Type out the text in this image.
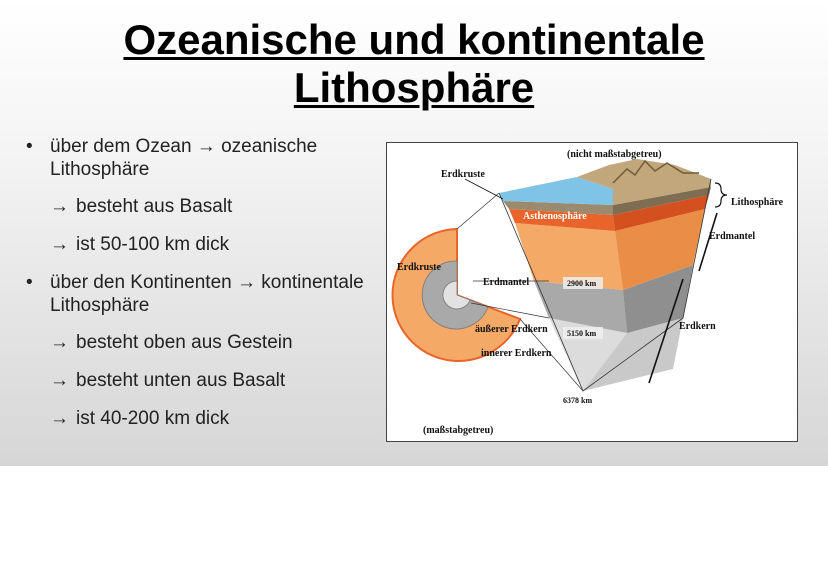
Ozeanische und kontinentale
Lithosphäre
• über dem Ozean → ozeanische
Lithosphäre
→ besteht aus Basalt
→ ist 50-100 km dick
• über den Kontinenten → kontinentale
Lithosphäre
→ besteht oben aus Gestein
→ besteht unten aus Basalt
→ ist 40-200 km dick
(nicht maßstabgetreu)
Erdkruste
Asthenosphäre
Lithosphäre
Erdmantel
Erdkruste
Erdmantel	2900 km
Erdkern
äußerer Erdkern 5150 km
innerer Erdkern
6378 km
(maßstabgetreu)
